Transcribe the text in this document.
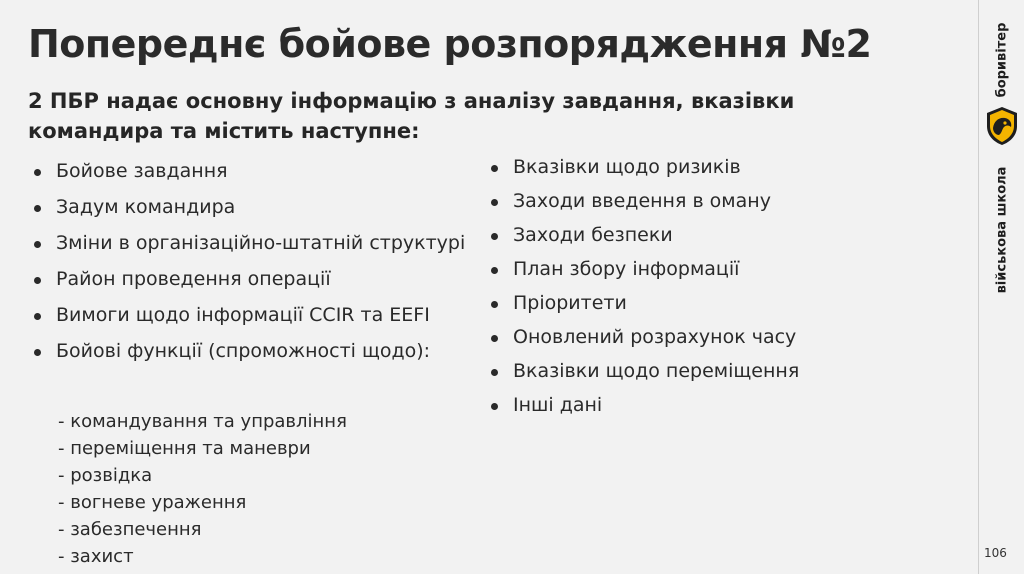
Попереднє бойове розпорядження №2
2 ПБР надає основну інформацію з аналізу завдання, вказівки командира та містить наступне:
Бойове завдання
Задум командира
Зміни в організаційно-штатній структурі
Район проведення операції
Вимоги щодо інформації CCIR та EEFI
Бойові функції (спроможності щодо):
- командування та управління
- переміщення та маневри
- розвідка
- вогневе ураження
- забезпечення
- захист
Вказівки щодо ризиків
Заходи введення в оману
Заходи безпеки
План збору інформації
Пріоритети
Оновлений розрахунок часу
Вказівки щодо переміщення
Інші дані
боривітер
військова школа
106
